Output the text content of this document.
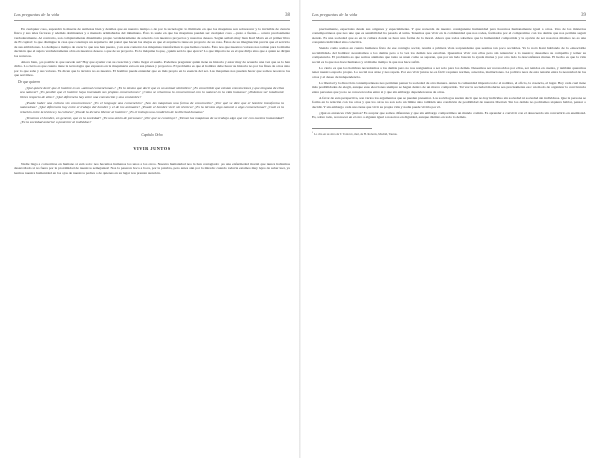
Las preguntas de la vida	38

En cualquier caso, supondrá la muerte de sutilezas bien y detalles que en nuestro tiempo o de por la tecnología: lo ilimitado en que los maquinas son sobresaver y lo invisible de ciencia física y sus tales factores y además dominantes y a menudo artimañadas del inhumano. Ésto lo suele en que las maquinas pueden ser cualquier cosa —justo a fuente— ocurre precisamente verdaderamente. Al contrario, son completamente dinamismo propio verdaderamente de acuerdo con nuestros proyectos y nuestros deseos. Según señaló muy bien Karl Marx en el primer libro de El capital: lo que distingue la casa que construye un arquitecto del panal que hacen las abejas es que el arquitecto tiene en proyecto de su casa. Éstos de su imaginación previa que el servicio de sus ambiciones. Lo dedique a tiempo de cazar lo que nos han puesto, y en este contexto las máquinas transforman lo que hemos creado. Ésto nos que nuestros valores nos toman para la misma decisión que el sujeto verdaderamente obra en nuestros deseos o que de su proyecto. Es la máquina la que, ¿quién será la que ejerce? Lo que importa no es el que dirija sino que a quien se dirijan los recursos.

Ahora bien, ¿es posible lo que sucede así? Hay que ayudar con su creación y cómo llegar el sueño. Podemos preguntar quién tiene su historia y estar muy de acuerdo una vez que se lo han dicho. Lo cierto es que cuanto tiene la tecnología que expuesto en la maquinaria esta en sus planes y proyectos. El problema es que el hombre debe hacer su historia no por los fines de otros sino por lo que sabe y sus valores. Ya dicen que la técnica no es nuestra. El hombre puede entender que es más propio en la esencia del ser. Las maquinas nos pueden hacer que somos nosotros los que servimos.

De que quieren

¿Qué quiere decir que el hombre es un «animal convencional»? ¿Es lo mismo que decir que es un animal simbólico? ¿Es concebible que existan convenciones y que ninguna de ellas sea natural? ¿Es posible que el hombre haya inventado sus propias convenciones? ¿Cómo se relaciona lo convencional con lo natural en la vida humana? ¿Podemos ser totalmente libres respecto de ellas? ¿Qué diferencia hay entre una convención y una costumbre?

¿Puede haber una cultura sin convenciones? ¿Es el lenguaje una convención? ¿Son las máquinas una forma de convención? ¿Por qué se dice que el hombre transforma la naturaleza? ¿Qué diferencia hay entre el trabajo del hombre y el de los animales? ¿Puede el hombre vivir sin técnica? ¿Es la técnica algo natural o algo convencional? ¿Cuál es la relación entre la técnica y la cultura? ¿Puede la técnica liberar al hombre? ¿Es el trabajo una condición de la libertad humana?

¿Tenemos el hombre, en general, que es la sociedad? ¿Es una unión de personas? ¿Por qué se construye? ¿Tienen las máquinas de su trabajo algo que ver con nuestra humanidad? ¿Es la sociedad anterior o posterior al individuo?

Capítulo Ocho
VIVIR JUNTOS

Nadie llega a convertirse en humano si está solo: nos hacemos humanos los unos a los otros. Nuestra humanidad nos la han contagiado: ¡es una enfermedad mortal que nunca habíamos desarrollado si no fuera por la proximidad de nuestros semejantes! Nos la pasaron boca a boca, por la palabra, pero antes aún por la mirada: cuando todavía estamos muy lejos de saber leer, ya leemos nuestra humanidad en los ojos de nuestros padres o de quienes en su lugar nos prestan atención.

Las preguntas de la vida	39

precisamente, especiales desde sus orígenes y especialmente. Y que recuerda de nuestro consiguiente humanidad para hacernos humanamente igual a otros. Uno de los misterios contemporáneos que nos une que es sensibilidad ha pasado el tema. Tenemos que vivir en la cotidianidad que nos rodea, formados por el compromiso con los demás que nos permite seguir siendo. Es una sociedad que es en la cultura donde se hace una forma de la moral. Ahora que todos sabemos que la humanidad compartida y la opción de ser nosotros mismos no es una conquista individual sino colectiva.

Siendo como somos en cuanto humanos fruto de ese contagio social, resulta a primera vista sorprendente que seamos tan poco sociables. Ya lo notó Kant hablando de la «insociable sociabilidad» del hombre: necesitamos a los demás pero a la vez los demás nos estorban. Queremos vivir con ellos pero sin renunciar a lo nuestro; deseamos su compañía y temer su competencia. El problema es que somos animales que tanto se unen como se separan, que por un lado buscan la ayuda mutua y por otro lado la desconfianza mutua. El hecho es que la vida social es la que nos hace humanos y al mismo tiempo la que nos hace sufrir.

Lo cierto es que los hombres necesitamos a los demás pero no nos resignamos a ser solo para los demás. Deseamos ser reconocidos por ellos, ser tenidos en cuenta, y también queremos tener nuestro espacio propio. Lo social nos atrae y nos repele. Por eso vivir juntos no es fácil: requiere normas, acuerdos, instituciones. La política nace de esta tensión entre la necesidad de los otros y el deseo de independencia.

La libertad y la dirección contemporáneas nos permiten pensar la sociedad de otra manera. Antes la comunidad imponía todo: el nombre, el oficio, la creencia, el lugar. Hoy cada cual tiene más posibilidades de elegir, aunque esas elecciones siempre se hagan dentro de un marco compartido. Tal vez la sociedad moderna sea precisamente eso: un modo de organizar la convivencia entre personas que ya no se conocen todas entre sí y que sin embargo dependen unas de otras.

A favor de esta perspectiva, son varios los argumentos que se pueden presentar. Los sociólogos suelen decir que no hay individuo sin sociedad ni sociedad sin individuos. Que la persona se forma en la relación con los otros y que los otros no son solo un límite sino también una condición de posibilidad de nuestra libertad. Sin los demás no podríamos siquiera hablar, pensar o decidir. Y sin embargo cada uno tiene que vivir su propia vida y nadie puede vivirla por él.

¿Qué es entonces vivir juntos? Es aceptar que somos diferentes y que sin embargo compartimos un mundo común. Es aprender a convivir con el desacuerdo sin convertirlo en enemistad. Es, sobre todo, reconocer en el otro a alguien igual a nosotros en dignidad, aunque distinto en todo lo demás.

$^1$ Lo cita en su obra de T. Todorov, mal, de H. Roberts, Madrid, Taurus.
